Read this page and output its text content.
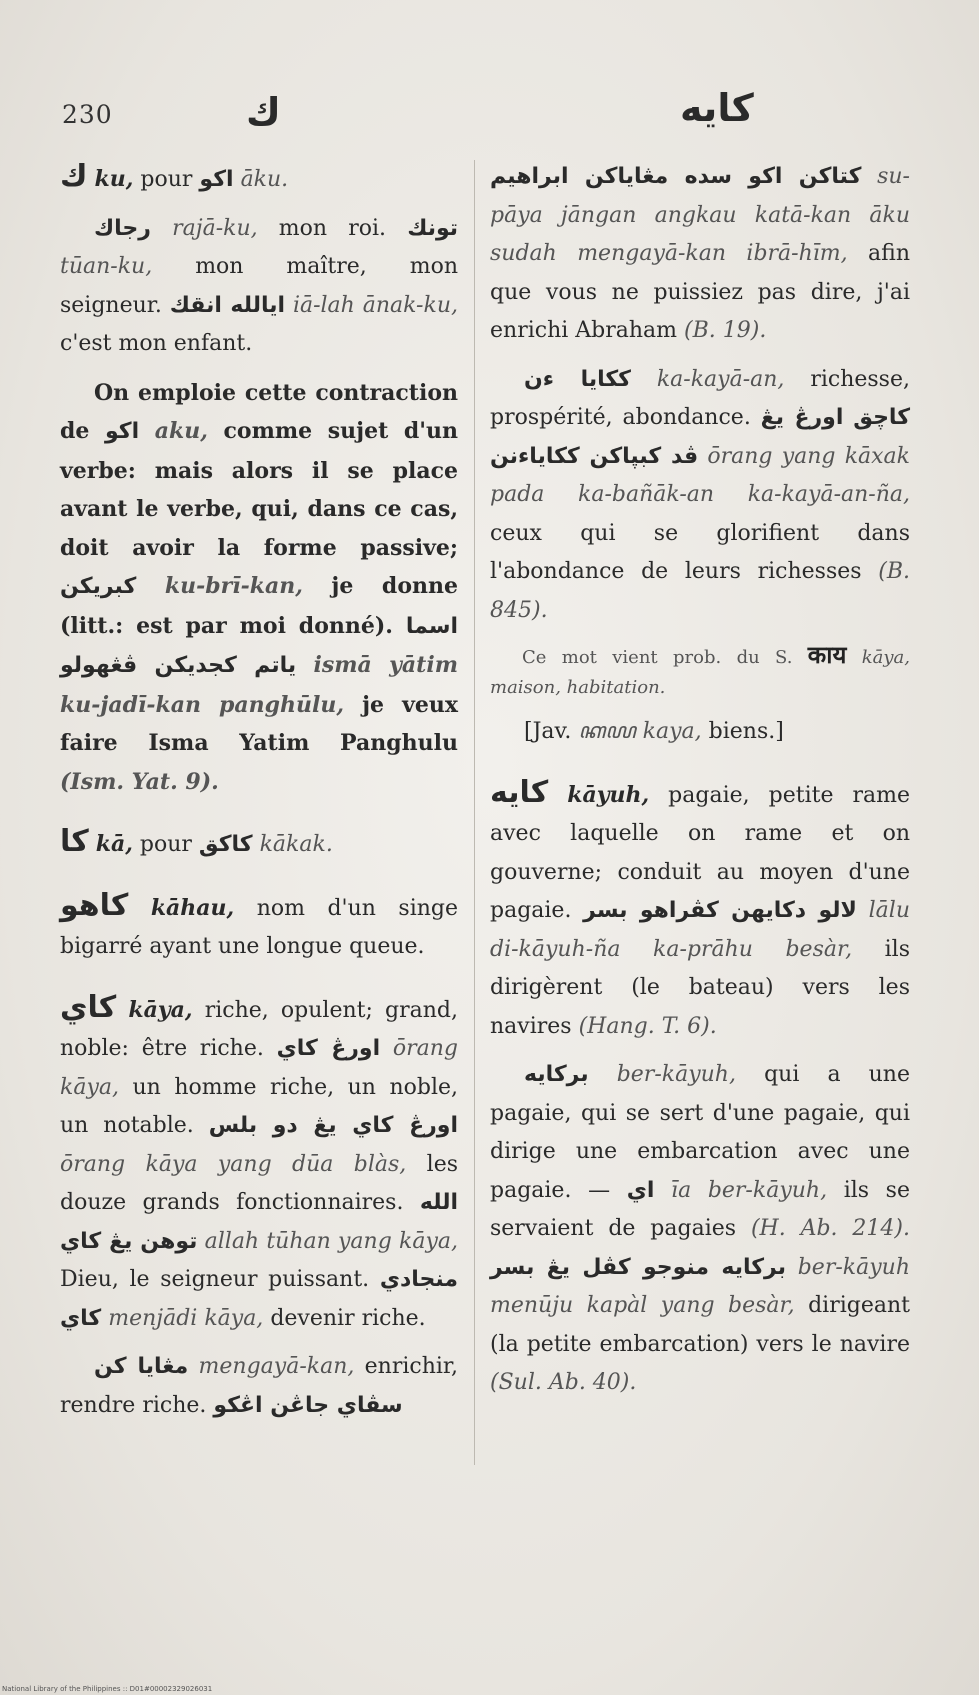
230	ك	كايه

ك ku, pour اكو āku.

رجاك rajā-ku, mon roi. تونك tūan-ku, mon maître, mon seigneur. ايالله انقك iā-lah ānak-ku, c'est mon enfant.

On emploie cette contraction de اكو aku, comme sujet d'un verbe: mais alors il se place avant le verbe, qui, dans ce cas, doit avoir la forme passive; كبريكن ku-brī-kan, je donne (litt.: est par moi donné). اسما ياتم كجديكن ڤڠهولو ismā yātim ku-jadī-kan panghūlu, je veux faire Isma Yatim Panghulu (Ism. Yat. 9).

كا kā, pour كاكق kākak.

كاهو kāhau, nom d'un singe bigarré ayant une longue queue.

كاي kāya, riche, opulent; grand, noble: être riche. اورڠ كاي ōrang kāya, un homme riche, un noble, un notable. اورڠ كاي يڠ دو بلس ōrang kāya yang dūa blàs, les douze grands fonctionnaires. الله توهن يڠ كاي allah tūhan yang kāya, Dieu, le seigneur puissant. منجادي كاي menjādi kāya, devenir riche.

مڠايا كن mengayā-kan, enrichir, rendre riche. سڤاي جاڠن اڠكو

كتاكن اكو سده مڠاياكن ابراهيم su-pāya jāngan angkau katā-kan āku sudah mengayā-kan ibrā-hīm, afin que vous ne puissiez pas dire, j'ai enrichi Abraham (B. 19).

ككايا ءن ka-kayā-an, richesse, prospérité, abondance. اورڠ يڠ كاچق ڤد كبڽاكن ككاياءنن ōrang yang kāxak pada ka-bañāk-an ka-kayā-an-ña, ceux qui se glorifient dans l'abondance de leurs richesses (B. 845).

Ce mot vient prob. du S. काय kāya, maison, habitation.

[Jav. ꦏꦪ kaya, biens.]

كايه kāyuh, pagaie, petite rame avec laquelle on rame et on gouverne; conduit au moyen d'une pagaie. لالو دكايهن كڤراهو بسر lālu di-kāyuh-ña ka-prāhu besàr, ils dirigèrent (le bateau) vers les navires (Hang. T. 6).

بركايه ber-kāyuh, qui a une pagaie, qui se sert d'une pagaie, qui dirige une embarcation avec une pagaie. — اي īa ber-kāyuh, ils se servaient de pagaies (H. Ab. 214). بركايه منوجو كڤل يڠ بسر ber-kāyuh menūju kapàl yang besàr, dirigeant (la petite embarcation) vers le navire (Sul. Ab. 40).

National Library of the Philippines :: D01#00002329026031
